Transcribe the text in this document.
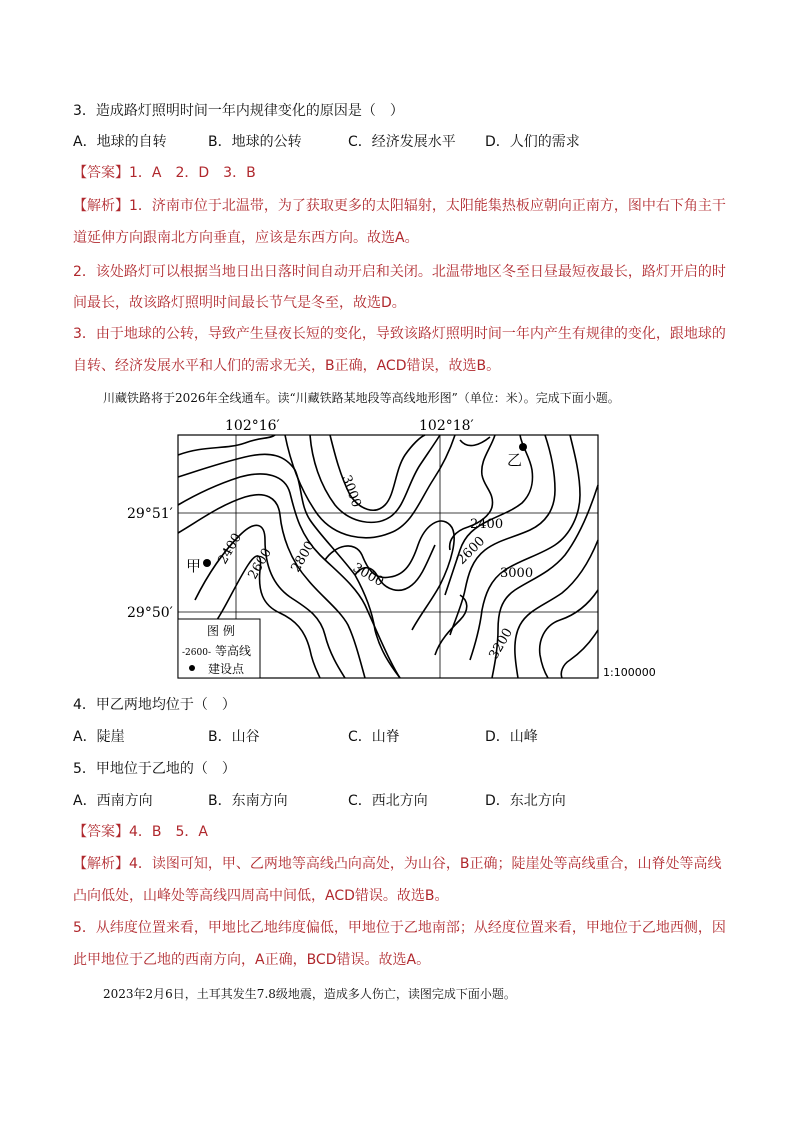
3．造成路灯照明时间一年内规律变化的原因是（　）
A．地球的自转	B．地球的公转	C．经济发展水平 D．人们的需求
【答案】1．A　2．D　3．B
【解析】1．济南市位于北温带，为了获取更多的太阳辐射，太阳能集热板应朝向正南方，图中右下角主干
道延伸方向跟南北方向垂直，应该是东西方向。故选A。
2．该处路灯可以根据当地日出日落时间自动开启和关闭。北温带地区冬至日昼最短夜最长，路灯开启的时
间最长，故该路灯照明时间最长节气是冬至，故选D。
3．由于地球的公转，导致产生昼夜长短的变化，导致该路灯照明时间一年内产生有规律的变化，跟地球的
自转、经济发展水平和人们的需求无关，B正确，ACD错误，故选B。
川藏铁路将于2026年全线通车。读“川藏铁路某地段等高线地形图”（单位：米）。完成下面小题。
102°16′	102°18′
29°51′
29°50′
3000
2400
2400 2600 2800
3000
2600
3000
3200
甲
乙
图 例
-2600- 等高线
建设点	1:100000
4．甲乙两地均位于（　）
A．陡崖	B．山谷	C．山脊	D．山峰
5．甲地位于乙地的（　）
A．西南方向	B．东南方向	C．西北方向	D．东北方向
【答案】4．B　5．A
【解析】4．读图可知，甲、乙两地等高线凸向高处，为山谷，B正确；陡崖处等高线重合，山脊处等高线
凸向低处，山峰处等高线四周高中间低，ACD错误。故选B。
5．从纬度位置来看，甲地比乙地纬度偏低，甲地位于乙地南部；从经度位置来看，甲地位于乙地西侧，因
此甲地位于乙地的西南方向，A正确，BCD错误。故选A。
2023年2月6日，土耳其发生7.8级地震，造成多人伤亡，读图完成下面小题。
